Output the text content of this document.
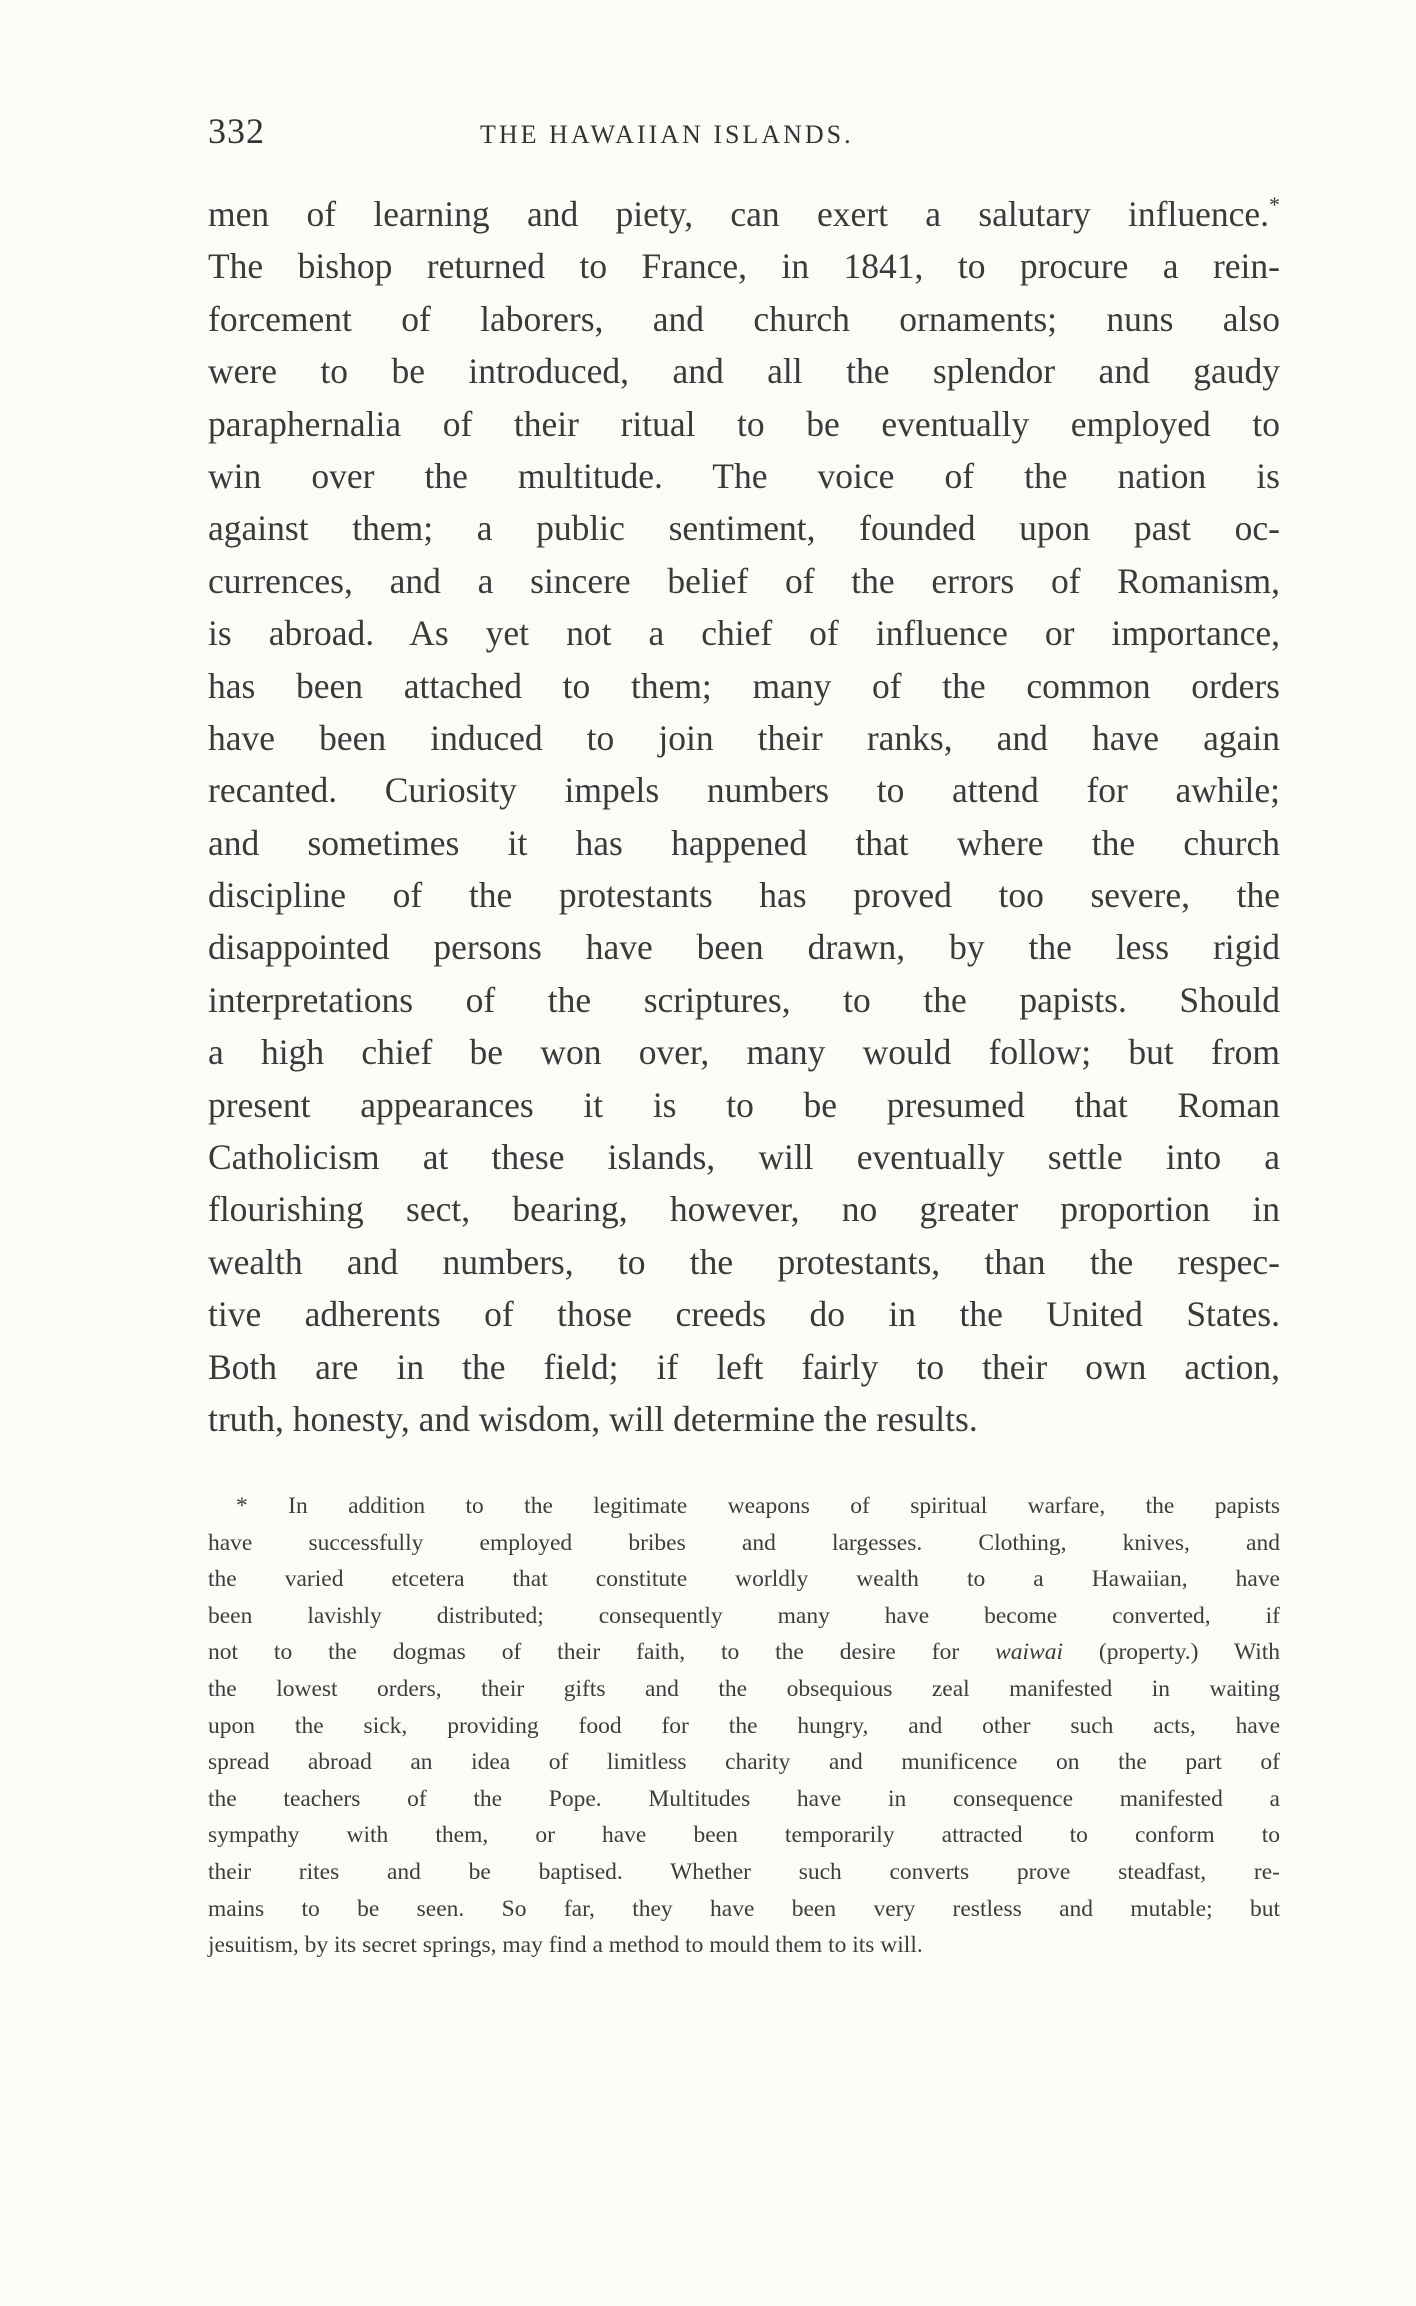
332	THE HAWAIIAN ISLANDS.
men of learning and piety, can exert a salutary influence.*
The bishop returned to France, in 1841, to procure a rein-
forcement of laborers, and church ornaments; nuns also
were to be introduced, and all the splendor and gaudy
paraphernalia of their ritual to be eventually employed to
win over the multitude. The voice of the nation is
against them; a public sentiment, founded upon past oc-
currences, and a sincere belief of the errors of Romanism,
is abroad. As yet not a chief of influence or importance,
has been attached to them; many of the common orders
have been induced to join their ranks, and have again
recanted. Curiosity impels numbers to attend for awhile;
and sometimes it has happened that where the church
discipline of the protestants has proved too severe, the
disappointed persons have been drawn, by the less rigid
interpretations of the scriptures, to the papists. Should
a high chief be won over, many would follow; but from
present appearances it is to be presumed that Roman
Catholicism at these islands, will eventually settle into a
flourishing sect, bearing, however, no greater proportion in
wealth and numbers, to the protestants, than the respec-
tive adherents of those creeds do in the United States.
Both are in the field; if left fairly to their own action,
truth, honesty, and wisdom, will determine the results.
* In addition to the legitimate weapons of spiritual warfare, the papists
have successfully employed bribes and largesses. Clothing, knives, and
the varied etcetera that constitute worldly wealth to a Hawaiian, have
been lavishly distributed; consequently many have become converted, if
not to the dogmas of their faith, to the desire for waiwai (property.) With
the lowest orders, their gifts and the obsequious zeal manifested in waiting
upon the sick, providing food for the hungry, and other such acts, have
spread abroad an idea of limitless charity and munificence on the part of
the teachers of the Pope. Multitudes have in consequence manifested a
sympathy with them, or have been temporarily attracted to conform to
their rites and be baptised. Whether such converts prove steadfast, re-
mains to be seen. So far, they have been very restless and mutable; but
jesuitism, by its secret springs, may find a method to mould them to its will.
